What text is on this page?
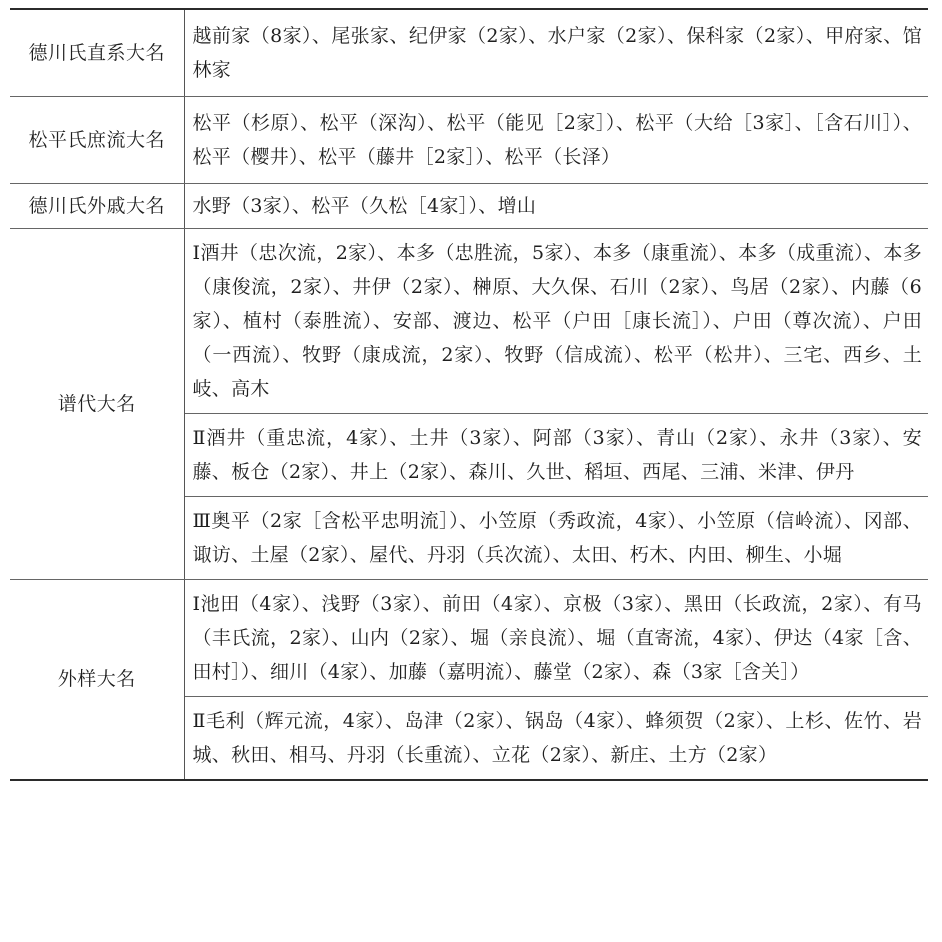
德川氏直系大名	越前家（8家）、尾张家、纪伊家（2家）、水户家（2家）、保科家（2家）、甲府家、馆林家
松平氏庶流大名	松平（杉原）、松平（深沟）、松平（能见［2家］）、松平（大给［3家］、［含石川］）、松平（樱井）、松平（藤井［2家］）、松平（长泽）
德川氏外戚大名	水野（3家）、松平（久松［4家］）、增山
谱代大名	Ⅰ酒井（忠次流，2家）、本多（忠胜流，5家）、本多（康重流）、本多（成重流）、本多（康俊流，2家）、井伊（2家）、榊原、大久保、石川（2家）、鸟居（2家）、内藤（6家）、植村（泰胜流）、安部、渡边、松平（户田［康长流］）、户田（尊次流）、户田（一西流）、牧野（康成流，2家）、牧野（信成流）、松平（松井）、三宅、西乡、土岐、高木
	Ⅱ酒井（重忠流，4家）、土井（3家）、阿部（3家）、青山（2家）、永井（3家）、安藤、板仓（2家）、井上（2家）、森川、久世、稻垣、西尾、三浦、米津、伊丹
	Ⅲ奥平（2家［含松平忠明流］）、小笠原（秀政流，4家）、小笠原（信岭流）、冈部、诹访、土屋（2家）、屋代、丹羽（兵次流）、太田、朽木、内田、柳生、小堀
外样大名	Ⅰ池田（4家）、浅野（3家）、前田（4家）、京极（3家）、黑田（长政流，2家）、有马（丰氏流，2家）、山内（2家）、堀（亲良流）、堀（直寄流，4家）、伊达（4家［含、田村］）、细川（4家）、加藤（嘉明流）、藤堂（2家）、森（3家［含关］）
	Ⅱ毛利（辉元流，4家）、岛津（2家）、锅岛（4家）、蜂须贺（2家）、上杉、佐竹、岩城、秋田、相马、丹羽（长重流）、立花（2家）、新庄、土方（2家）
